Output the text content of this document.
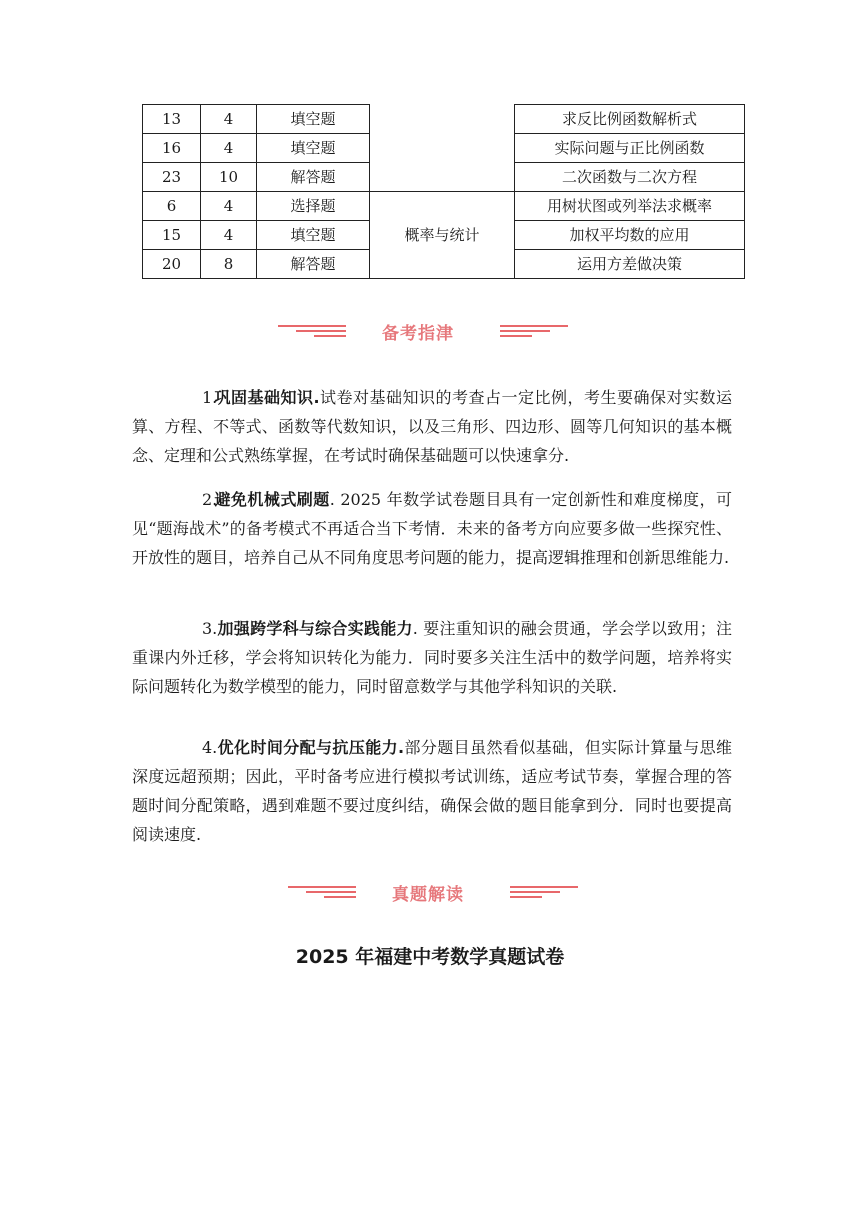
13	4	填空题		求反比例函数解析式
16	4	填空题		实际问题与正比例函数
23	10	解答题		二次函数与二次方程
6	4	选择题	概率与统计	用树状图或列举法求概率
15	4	填空题		加权平均数的应用
20	8	解答题		运用方差做决策
备考指津

1.巩固基础知识.试卷对基础知识的考查占一定比例，考生要确保对实数运算、方程、不等式、函数等代数知识，以及三角形、四边形、圆等几何知识的基本概念、定理和公式熟练掌握，在考试时确保基础题可以快速拿分.

2.避免机械式刷题. 2025 年数学试卷题目具有一定创新性和难度梯度，可见“题海战术”的备考模式不再适合当下考情．未来的备考方向应要多做一些探究性、开放性的题目，培养自己从不同角度思考问题的能力，提高逻辑推理和创新思维能力.

3.加强跨学科与综合实践能力. 要注重知识的融会贯通，学会学以致用；注重课内外迁移，学会将知识转化为能力．同时要多关注生活中的数学问题，培养将实际问题转化为数学模型的能力，同时留意数学与其他学科知识的关联.

4.优化时间分配与抗压能力.部分题目虽然看似基础，但实际计算量与思维深度远超预期；因此，平时备考应进行模拟考试训练，适应考试节奏，掌握合理的答题时间分配策略，遇到难题不要过度纠结，确保会做的题目能拿到分．同时也要提高阅读速度.

真题解读
2025 年福建中考数学真题试卷
